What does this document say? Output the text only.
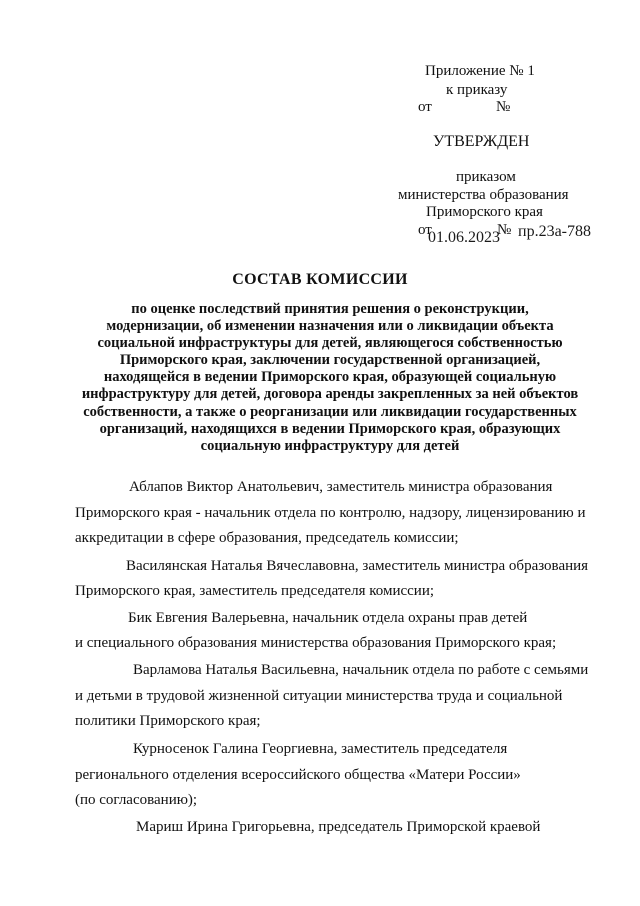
Приложение № 1
к приказу
от	№
УТВЕРЖДЕН
приказом
министерства образования
Приморского края
от	№
01.06.2023 пр.23а-788
СОСТАВ КОМИССИИ
по оценке последствий принятия решения о реконструкции,
модернизации, об изменении назначения или о ликвидации объекта
социальной инфраструктуры для детей, являющегося собственностью
Приморского края, заключении государственной организацией,
находящейся в ведении Приморского края, образующей социальную
инфраструктуру для детей, договора аренды закрепленных за ней объектов
собственности, а также о реорганизации или ликвидации государственных
организаций, находящихся в ведении Приморского края, образующих
социальную инфраструктуру для детей
Аблапов Виктор Анатольевич, заместитель министра образования
Приморского края - начальник отдела по контролю, надзору, лицензированию и
аккредитации в сфере образования, председатель комиссии;
Василянская Наталья Вячеславовна, заместитель министра образования
Приморского края, заместитель председателя комиссии;
Бик Евгения Валерьевна, начальник отдела охраны прав детей
и специального образования министерства образования Приморского края;
Варламова Наталья Васильевна, начальник отдела по работе с семьями
и детьми в трудовой жизненной ситуации министерства труда и социальной
политики Приморского края;
Курносенок Галина Георгиевна, заместитель председателя
регионального отделения всероссийского общества «Матери России»
(по согласованию);
Мариш Ирина Григорьевна, председатель Приморской краевой
